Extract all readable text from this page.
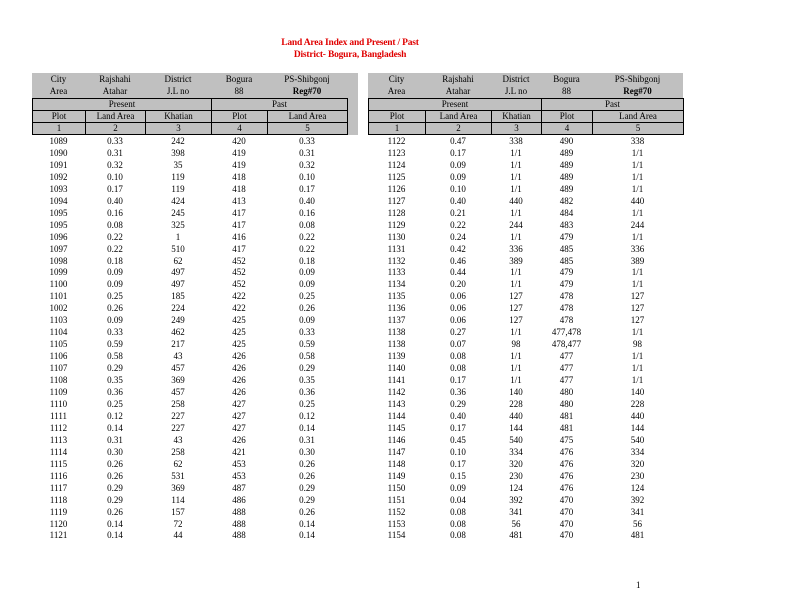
Land Area Index and Present / Past
District- Bogura, Bangladesh
City	Rajshahi	District	Bogura	PS-Shibgonj
Area	Atahar	J.L no	88	Reg#70
Present			Past	
Plot	Land Area	Khatian	Plot	Land Area
1	2	3	4	5
1089	0.33	242	420	0.33
1090	0.31	398	419	0.31
1091	0.32	35	419	0.32
1092	0.10	119	418	0.10
1093	0.17	119	418	0.17
1094	0.40	424	413	0.40
1095	0.16	245	417	0.16
1095	0.08	325	417	0.08
1096	0.22	1	416	0.22
1097	0.22	510	417	0.22
1098	0.18	62	452	0.18
1099	0.09	497	452	0.09
1100	0.09	497	452	0.09
1101	0.25	185	422	0.25
1002	0.26	224	422	0.26
1103	0.09	249	425	0.09
1104	0.33	462	425	0.33
1105	0.59	217	425	0.59
1106	0.58	43	426	0.58
1107	0.29	457	426	0.29
1108	0.35	369	426	0.35
1109	0.36	457	426	0.36
1110	0.25	258	427	0.25
1111	0.12	227	427	0.12
1112	0.14	227	427	0.14
1113	0.31	43	426	0.31
1114	0.30	258	421	0.30
1115	0.26	62	453	0.26
1116	0.26	531	453	0.26
1117	0.29	369	487	0.29
1118	0.29	114	486	0.29
1119	0.26	157	488	0.26
1120	0.14	72	488	0.14
1121	0.14	44	488	0.14
City	Rajshahi	District	Bogura	PS-Shibgonj
Area	Atahar	J.L no	88	Reg#70
Present			Past	
Plot	Land Area	Khatian	Plot	Land Area
1	2	3	4	5
1122	0.47	338	490	338
1123	0.17	1/1	489	1/1
1124	0.09	1/1	489	1/1
1125	0.09	1/1	489	1/1
1126	0.10	1/1	489	1/1
1127	0.40	440	482	440
1128	0.21	1/1	484	1/1
1129	0.22	244	483	244
1130	0.24	1/1	479	1/1
1131	0.42	336	485	336
1132	0.46	389	485	389
1133	0.44	1/1	479	1/1
1134	0.20	1/1	479	1/1
1135	0.06	127	478	127
1136	0.06	127	478	127
1137	0.06	127	478	127
1138	0.27	1/1	477,478	1/1
1138	0.07	98	478,477	98
1139	0.08	1/1	477	1/1
1140	0.08	1/1	477	1/1
1141	0.17	1/1	477	1/1
1142	0.36	140	480	140
1143	0.29	228	480	228
1144	0.40	440	481	440
1145	0.17	144	481	144
1146	0.45	540	475	540
1147	0.10	334	476	334
1148	0.17	320	476	320
1149	0.15	230	476	230
1150	0.09	124	476	124
1151	0.04	392	470	392
1152	0.08	341	470	341
1153	0.08	56	470	56
1154	0.08	481	470	481
1
